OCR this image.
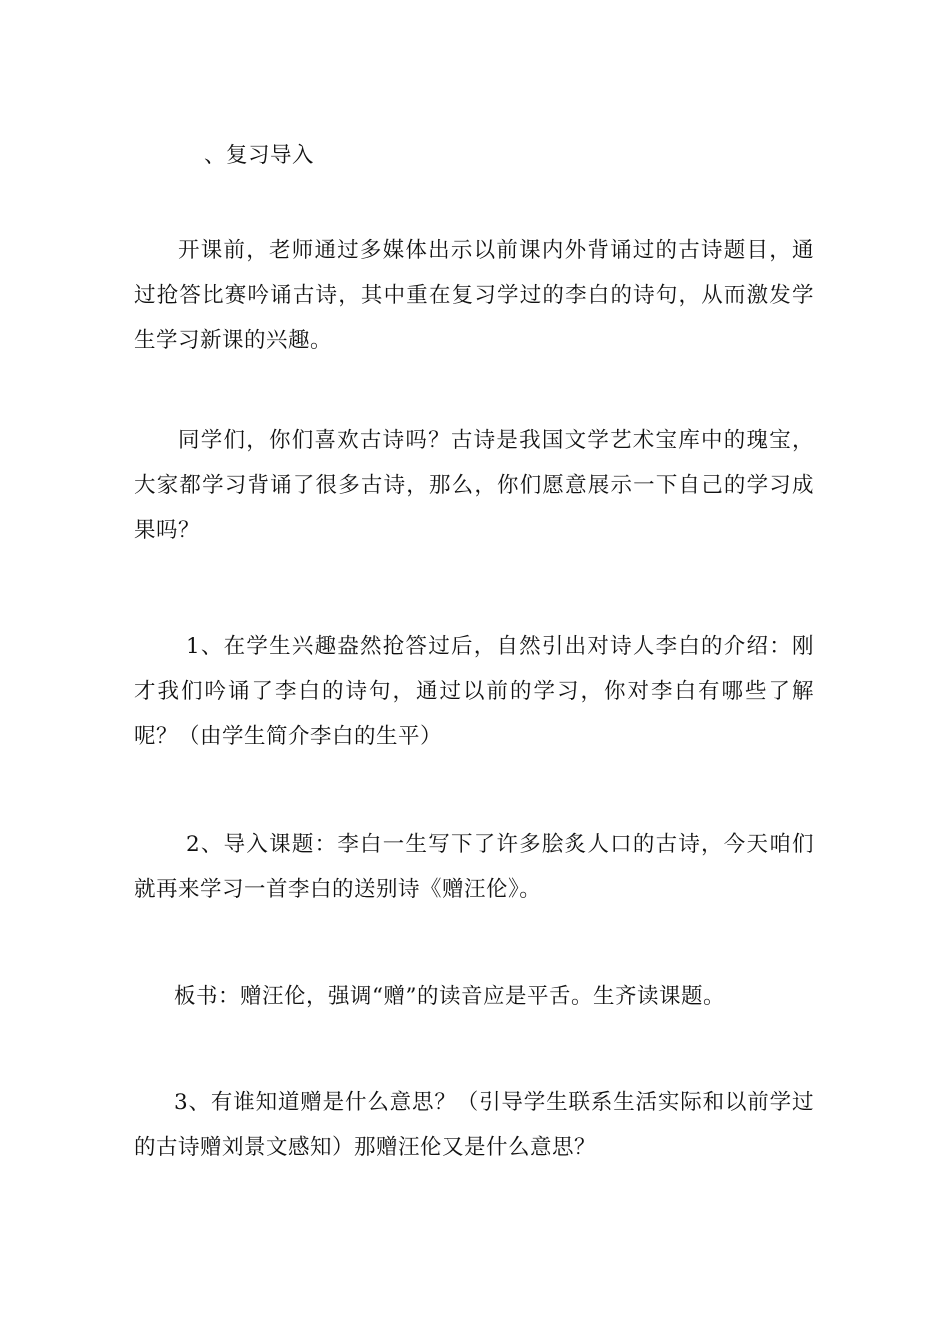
、复习导入

开课前，老师通过多媒体出示以前课内外背诵过的古诗题目，通过抢答比赛吟诵古诗，其中重在复习学过的李白的诗句，从而激发学生学习新课的兴趣。

同学们，你们喜欢古诗吗？古诗是我国文学艺术宝库中的瑰宝，大家都学习背诵了很多古诗，那么，你们愿意展示一下自己的学习成果吗？

1、在学生兴趣盎然抢答过后，自然引出对诗人李白的介绍：刚才我们吟诵了李白的诗句，通过以前的学习，你对李白有哪些了解呢？（由学生简介李白的生平）

2、导入课题：李白一生写下了许多脍炙人口的古诗，今天咱们就再来学习一首李白的送别诗《赠汪伦》。

板书：赠汪伦，强调“赠”的读音应是平舌。生齐读课题。

3、有谁知道赠是什么意思？（引导学生联系生活实际和以前学过的古诗赠刘景文感知）那赠汪伦又是什么意思？
